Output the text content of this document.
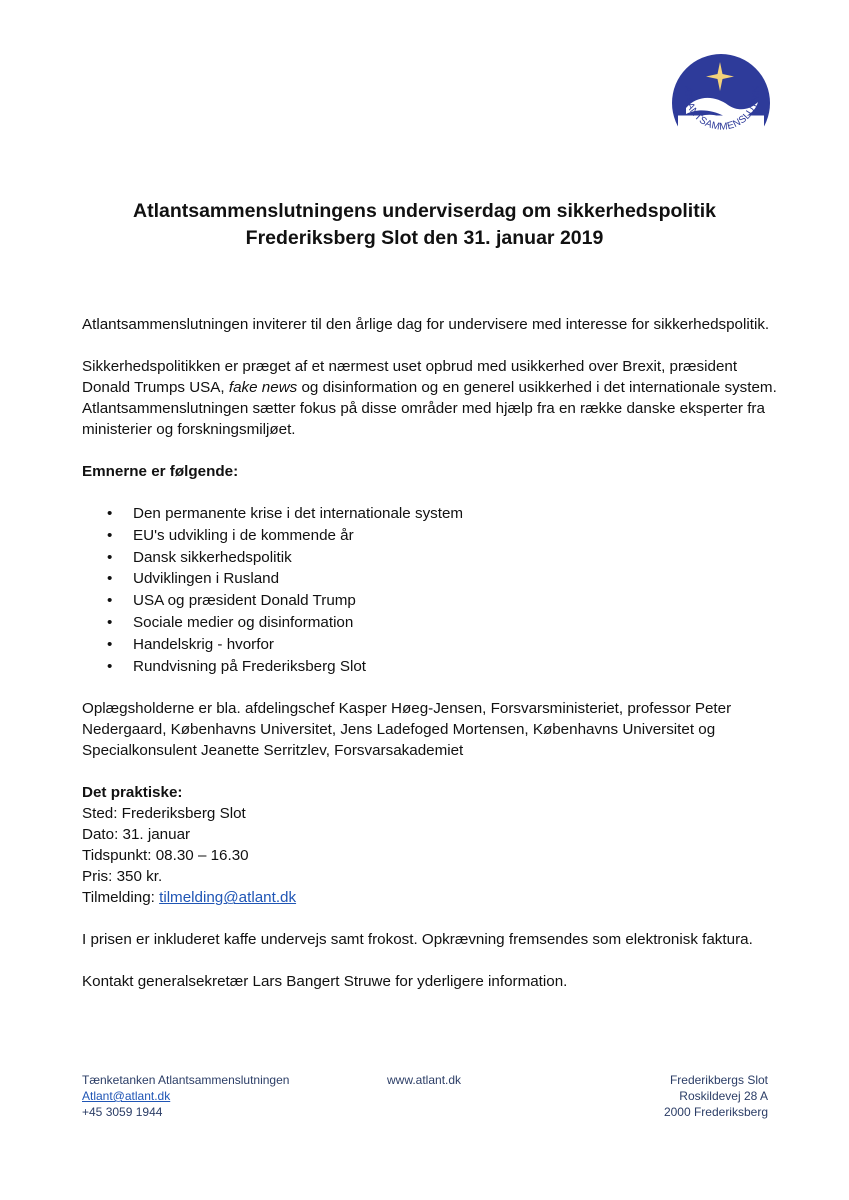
ATLANTSAMMENSLUTNIN
Atlantsammenslutningens underviserdag om sikkerhedspolitik
Frederiksberg Slot den 31. januar 2019

Atlantsammenslutningen inviterer til den årlige dag for undervisere med interesse for sikkerhedspolitik.

Sikkerhedspolitikken er præget af et nærmest uset opbrud med usikkerhed over Brexit, præsident Donald Trumps USA, fake news og disinformation og en generel usikkerhed i det internationale system. Atlantsammenslutningen sætter fokus på disse områder med hjælp fra en række danske eksperter fra ministerier og forskningsmiljøet.

Emnerne er følgende:

• Den permanente krise i det internationale system
• EU's udvikling i de kommende år
• Dansk sikkerhedspolitik
• Udviklingen i Rusland
• USA og præsident Donald Trump
• Sociale medier og disinformation
• Handelskrig - hvorfor
• Rundvisning på Frederiksberg Slot

Oplægsholderne er bla. afdelingschef Kasper Høeg-Jensen, Forsvarsministeriet, professor Peter Nedergaard, Københavns Universitet, Jens Ladefoged Mortensen, Københavns Universitet og Specialkonsulent Jeanette Serritzlev, Forsvarsakademiet

Det praktiske:
Sted: Frederiksberg Slot
Dato: 31. januar
Tidspunkt: 08.30 – 16.30
Pris: 350 kr.
Tilmelding: tilmelding@atlant.dk

I prisen er inkluderet kaffe undervejs samt frokost. Opkrævning fremsendes som elektronisk faktura.

Kontakt generalsekretær Lars Bangert Struwe for yderligere information.

Tænketanken Atlantsammenslutningen
Atlant@atlant.dk
+45 3059 1944
www.atlant.dk	Frederikbergs Slot
Roskildevej 28 A
2000 Frederiksberg
